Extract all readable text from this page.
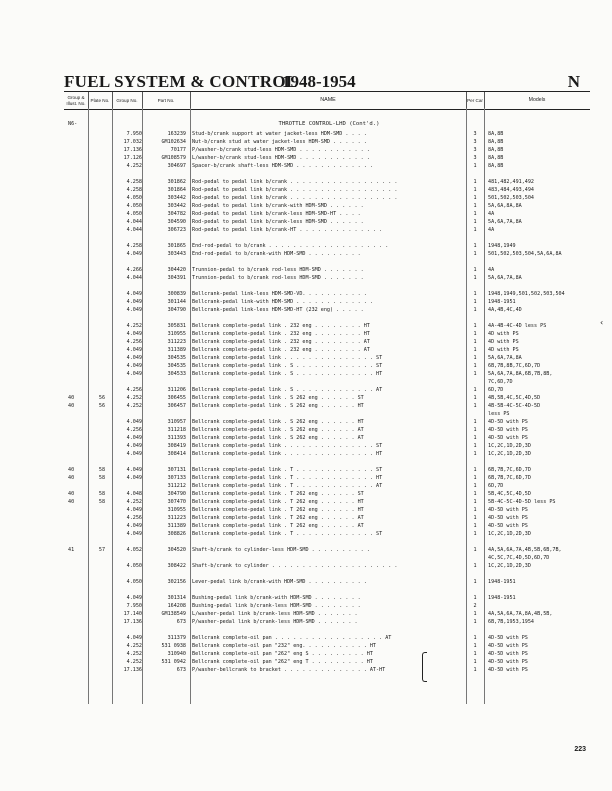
FUEL SYSTEM & CONTROL
1948-1954	N
Group & Illust. No.
Plate No.	Group No.	Part No.	NAME	Per Car	Models
N6-	THROTTLE CONTROL-LHD (Cont'd.)
7.950	163239 Stud-b/crank support at water jacket-less HDM-SMD . . . .	3	8A,8B
17.032	GM102634 Nut-b/crank stud at water jacket-less HDM-SMD . . . . . .	3	8A,8B
17.136	70177 P/washer-b/crank stud-less HDM-SMD . . . . . . . . . . . .	3	8A,8B
17.126	GM108579 L/washer-b/crank stud-less HDM-SMD . . . . . . . . . . . .	3	8A,8B
4.252	304697 Spacer-b/crank shaft-less HDM-SMD . . . . . . . . . . . . .	1	8A,8B
4.258	301862 Rod-pedal to pedal link b/crank . . . . . . . . . . . . . . . . . .	1	481,482,491,492
4.258	301864 Rod-pedal to pedal link b/crank . . . . . . . . . . . . . . . . . .	1	483,484,493,494
4.050	303442 Rod-pedal to pedal link b/crank . . . . . . . . . . . . . . . . . .	1	501,502,503,504
4.050	303442 Rod-pedal to pedal link b/crank-with HDM-SMD . . . . . .	1	5A,6A,8A,8A
4.050	304782 Rod-pedal to pedal link b/crank-less HDM-SMD-HT . . . .	1	4A
4.044	304590 Rod-pedal to pedal link b/crank-less HDM-SMD . . . . . .	1	5A,6A,7A,8A
4.044	306723 Rod-pedal to pedal link b/crank-HT . . . . . . . . . . . . . .	1	4A
4.258	301865 End-rod-pedal to b/crank . . . . . . . . . . . . . . . . . . . .	1	1948,1949
4.049	303443 End-rod-pedal to b/crank-with HDM-SMD . . . . . . . . .	1	501,502,503,504,5A,6A,8A
4.266	304420 Trunnion-pedal to b/crank rod-less HDM-SMD . . . . . . .	1	4A
4.044	304391 Trunnion-pedal to b/crank rod-less HDM-SMD . . . . . . .	1	5A,6A,7A,8A
4.049	300839 Bellcrank-pedal link-less HDM-SMD-VD. . . . . . . . . . .	1	1948,1949,501,502,503,504
4.049	301144 Bellcrank-pedal link-with HDM-SMD . . . . . . . . . . . . .	1	1948-1951
4.049	304790 Bellcrank-pedal link-less HDM-SMD-HT (232 eng) . . . . .	1	4A,4B,4C,4D
4.252	305831 Bellcrank complete-pedal link . 232 eng . . . . . . . . HT	1	4A-4B-4C-4D less PS
4.049	310955 Bellcrank complete-pedal link . 232 eng . . . . . . . . HT	1	4D with PS
4.256	311223 Bellcrank complete-pedal link . 232 eng . . . . . . . . AT	1	4D with PS
4.049	311389 Bellcrank complete-pedal link . 232 eng . . . . . . . . AT	1	4D with PS
4.049	304535 Bellcrank complete-pedal link . . . . . . . . . . . . . . . ST	1	5A,6A,7A,8A
4.049	304535 Bellcrank complete-pedal link . S . . . . . . . . . . . . . ST	1	6B,7B,8B,7C,6D,7D
4.049	304533 Bellcrank complete-pedal link . S . . . . . . . . . . . . . HT	1	5A,6A,7A,8A,6B,7B,8B,
7C,6D,7D
4.256	311206 Bellcrank complete-pedal link . S . . . . . . . . . . . . . AT	1	6D,7D
40	56	4.252	306455 Bellcrank complete-pedal link . S 262 eng . . . . . . ST	1	4B,5B,4C,5C,4D,5D
40	56	4.252	306457 Bellcrank complete-pedal link . S 262 eng . . . . . . HT	1	4B-5B-4C-5C-4D-5D
less PS
4.049	310957 Bellcrank complete-pedal link . S 262 eng . . . . . . HT	1	4D-5D with PS
4.256	311218 Bellcrank complete-pedal link . S 262 eng . . . . . . AT	1	4D-5D with PS
4.049	311393 Bellcrank complete-pedal link . S 262 eng . . . . . . AT	1	4D-5D with PS
4.049	308419 Bellcrank complete-pedal link . . . . . . . . . . . . . . . ST	1	1C,2C,1D,2D,3D
4.049	308414 Bellcrank complete-pedal link . . . . . . . . . . . . . . . HT	1	1C,2C,1D,2D,3D
40	58	4.049	307131 Bellcrank complete-pedal link . T . . . . . . . . . . . . . ST	1	6B,7B,7C,6D,7D
40	58	4.049	307133 Bellcrank complete-pedal link . T . . . . . . . . . . . . . HT	1	6B,7B,7C,6D,7D
311212 Bellcrank complete-pedal link . T . . . . . . . . . . . . . AT	1	6D,7D
40	58	4.048	304790 Bellcrank complete-pedal link . T 262 eng . . . . . . ST	1	5B,4C,5C,4D,5D
40	58	4.252	307470 Bellcrank complete-pedal link . T 262 eng . . . . . . HT	1	5B-4C-5C-4D-5D less PS
4.049	310955 Bellcrank complete-pedal link . T 262 eng . . . . . . HT	1	4D-5D with PS
4.256	311223 Bellcrank complete-pedal link . T 262 eng . . . . . . AT	1	4D-5D with PS
4.049	311389 Bellcrank complete-pedal link . T 262 eng . . . . . . AT	1	4D-5D with PS
4.049	308826 Bellcrank complete-pedal link . T . . . . . . . . . . . . . ST	1	1C,2C,1D,2D,3D
41	57	4.052	304520 Shaft-b/crank to cylinder-less HDM-SMD . . . . . . . . . .	1	4A,5A,6A,7A,4B,5B,6B,7B,
4C,5C,7C,4D,5D,6D,7D
4.050	308422 Shaft-b/crank to cylinder . . . . . . . . . . . . . . . . . . . . .	1	1C,2C,1D,2D,3D
4.050	302156 Lever-pedal link b/crank-with HDM-SMD . . . . . . . . . .	1	1948-1951
4.049	301314 Bushing-pedal link b/crank-with HDM-SMD . . . . . . . .	1	1948-1951
7.950	164208 Bushing-pedal link b/crank-less HDM-SMD . . . . . . . .	2
17.140	GM138549 L/washer-pedal link b/crank-less HDM-SMD . . . . . . .	1	4A,5A,6A,7A,8A,4B,5B,
17.136	673 P/washer-pedal link b/crank-less HDM-SMD . . . . . . .	1	6B,7B,1953,1954
4.049	311379 Bellcrank complete-oil pan . . . . . . . . . . . . . . . . . . AT	1	4D-5D with PS
4.252	531 0938 Bellcrank complete-oil pan "232" eng. . . . . . . . . . . HT	1	4D-5D with PS
4.252	310940 Bellcrank complete-oil pan "262" eng S . . . . . . . . . HT	1	4D-5D with PS
4.252	531 0942 Bellcrank complete-oil pan "262" eng T . . . . . . . . . HT	1	4D-5D with PS
17.136	673 P/washer-bellcrank to bracket . . . . . . . . . . . . . . AT-HT	1	4D-5D with PS
‹
223
